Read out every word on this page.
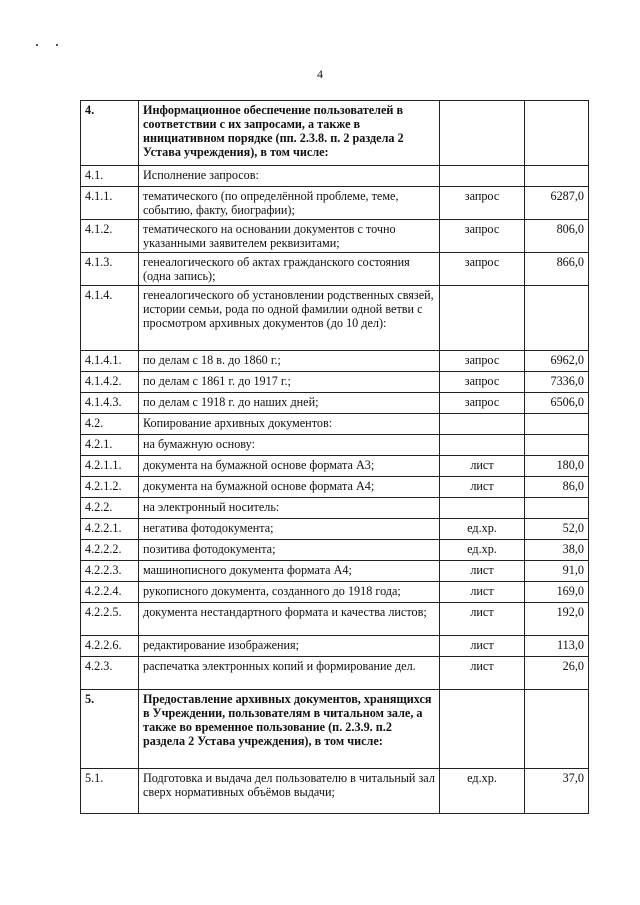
4
4.	Информационное обеспечение пользователей в соответствии с их запросами, а также в инициативном порядке (пп. 2.3.8. п. 2 раздела 2 Устава учреждения), в том числе:		
4.1.	Исполнение запросов:		
4.1.1.	тематического (по определённой проблеме, теме, событию, факту, биографии);	запрос	6287,0
4.1.2.	тематического на основании документов с точно указанными заявителем реквизитами;	запрос	806,0
4.1.3.	генеалогического об актах гражданского состояния (одна запись);	запрос	866,0
4.1.4.	генеалогического об установлении родственных связей, истории семьи, рода по одной фамилии одной ветви с просмотром архивных документов (до 10 дел):		
4.1.4.1.	по делам с 18 в. до 1860 г.;	запрос	6962,0
4.1.4.2.	по делам с 1861 г. до 1917 г.;	запрос	7336,0
4.1.4.3.	по делам с 1918 г. до наших дней;	запрос	6506,0
4.2.	Копирование архивных документов:		
4.2.1.	на бумажную основу:		
4.2.1.1.	документа на бумажной основе формата А3;	лист	180,0
4.2.1.2.	документа на бумажной основе формата А4;	лист	86,0
4.2.2.	на электронный носитель:		
4.2.2.1.	негатива фотодокумента;	ед.хр.	52,0
4.2.2.2.	позитива фотодокумента;	ед.хр.	38,0
4.2.2.3.	машинописного документа формата А4;	лист	91,0
4.2.2.4.	рукописного документа, созданного до 1918 года;	лист	169,0
4.2.2.5.	документа нестандартного формата и качества листов;	лист	192,0
4.2.2.6.	редактирование изображения;	лист	113,0
4.2.3.	распечатка электронных копий и формирование дел.	лист	26,0
5.	Предоставление архивных документов, хранящихся в Учреждении, пользователям в читальном зале, а также во временное пользование (п. 2.3.9. п.2 раздела 2 Устава учреждения), в том числе:		
5.1.	Подготовка и выдача дел пользователю в читальный зал сверх нормативных объёмов выдачи;	ед.хр.	37,0
